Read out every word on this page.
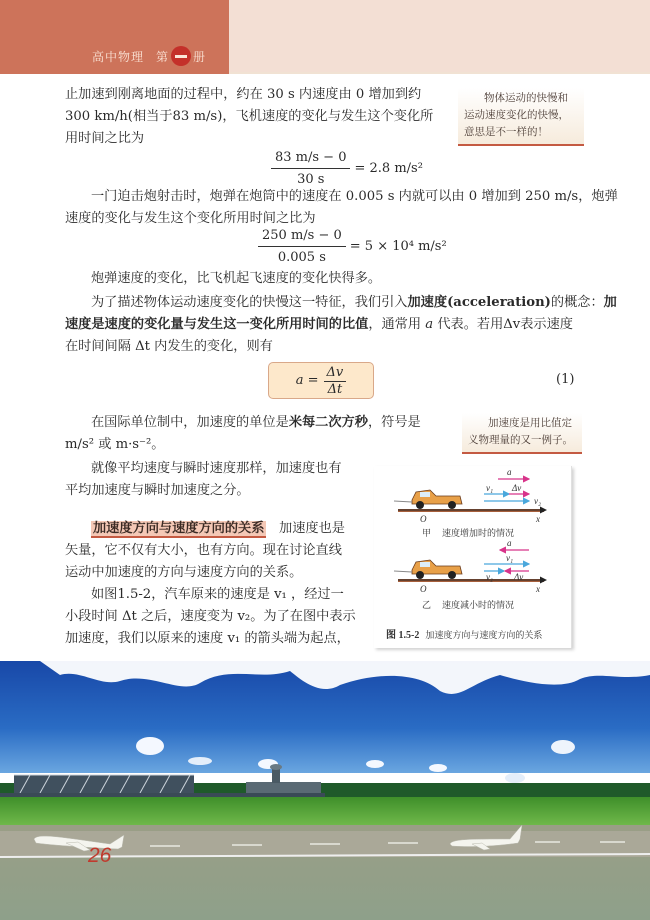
高中物理 第 册
止加速到刚离地面的过程中，约在 30 s 内速度由 0 增加到约
300 km/h(相当于83 m/s)，飞机速度的变化与发生这个变化所
用时间之比为
物体运动的快慢和
运动速度变化的快慢，
意思是不一样的！
$\frac{83 m/s - 0}{30 s} = 2.8$ m/s²
一门迫击炮射击时，炮弹在炮筒中的速度在 0.005 s 内就可以由 0 增加到 250 m/s，炮弹
速度的变化与发生这个变化所用时间之比为
$\frac{250 m/s - 0}{0.005 s} = 5 \times 10^4$ m/s²
炮弹速度的变化，比飞机起飞速度的变化快得多。
为了描述物体运动速度变化的快慢这一特征，我们引入加速度(acceleration)的概念：加
速度是速度的变化量与发生这一变化所用时间的比值，通常用 a 代表。若用Δv表示速度
在时间间隔 Δt 内发生的变化，则有
$a = \frac{\Delta v}{\Delta t}$	(1)
在国际单位制中，加速度的单位是米每二次方秒，符号是
m/s² 或 m·s⁻²。
加速度是用比值定
义物理量的又一例子。
就像平均速度与瞬时速度那样，加速度也有
平均加速度与瞬时加速度之分。
加速度方向与速度方向的关系 加速度也是
矢量，它不仅有大小，也有方向。现在讨论直线
运动中加速度的方向与速度方向的关系。
如图1.5-2，汽车原来的速度是 v₁ ，经过一
小段时间 Δt 之后，速度变为 v₂。为了在图中表示
加速度，我们以原来的速度 v₁ 的箭头端为起点，
a
v₁ Δv
v₂
O	x
甲 速度增加时的情况
a
v₁
v₂ Δv
O	x
乙 速度减小时的情况
图 1.5-2 加速度方向与速度方向的关系
26
